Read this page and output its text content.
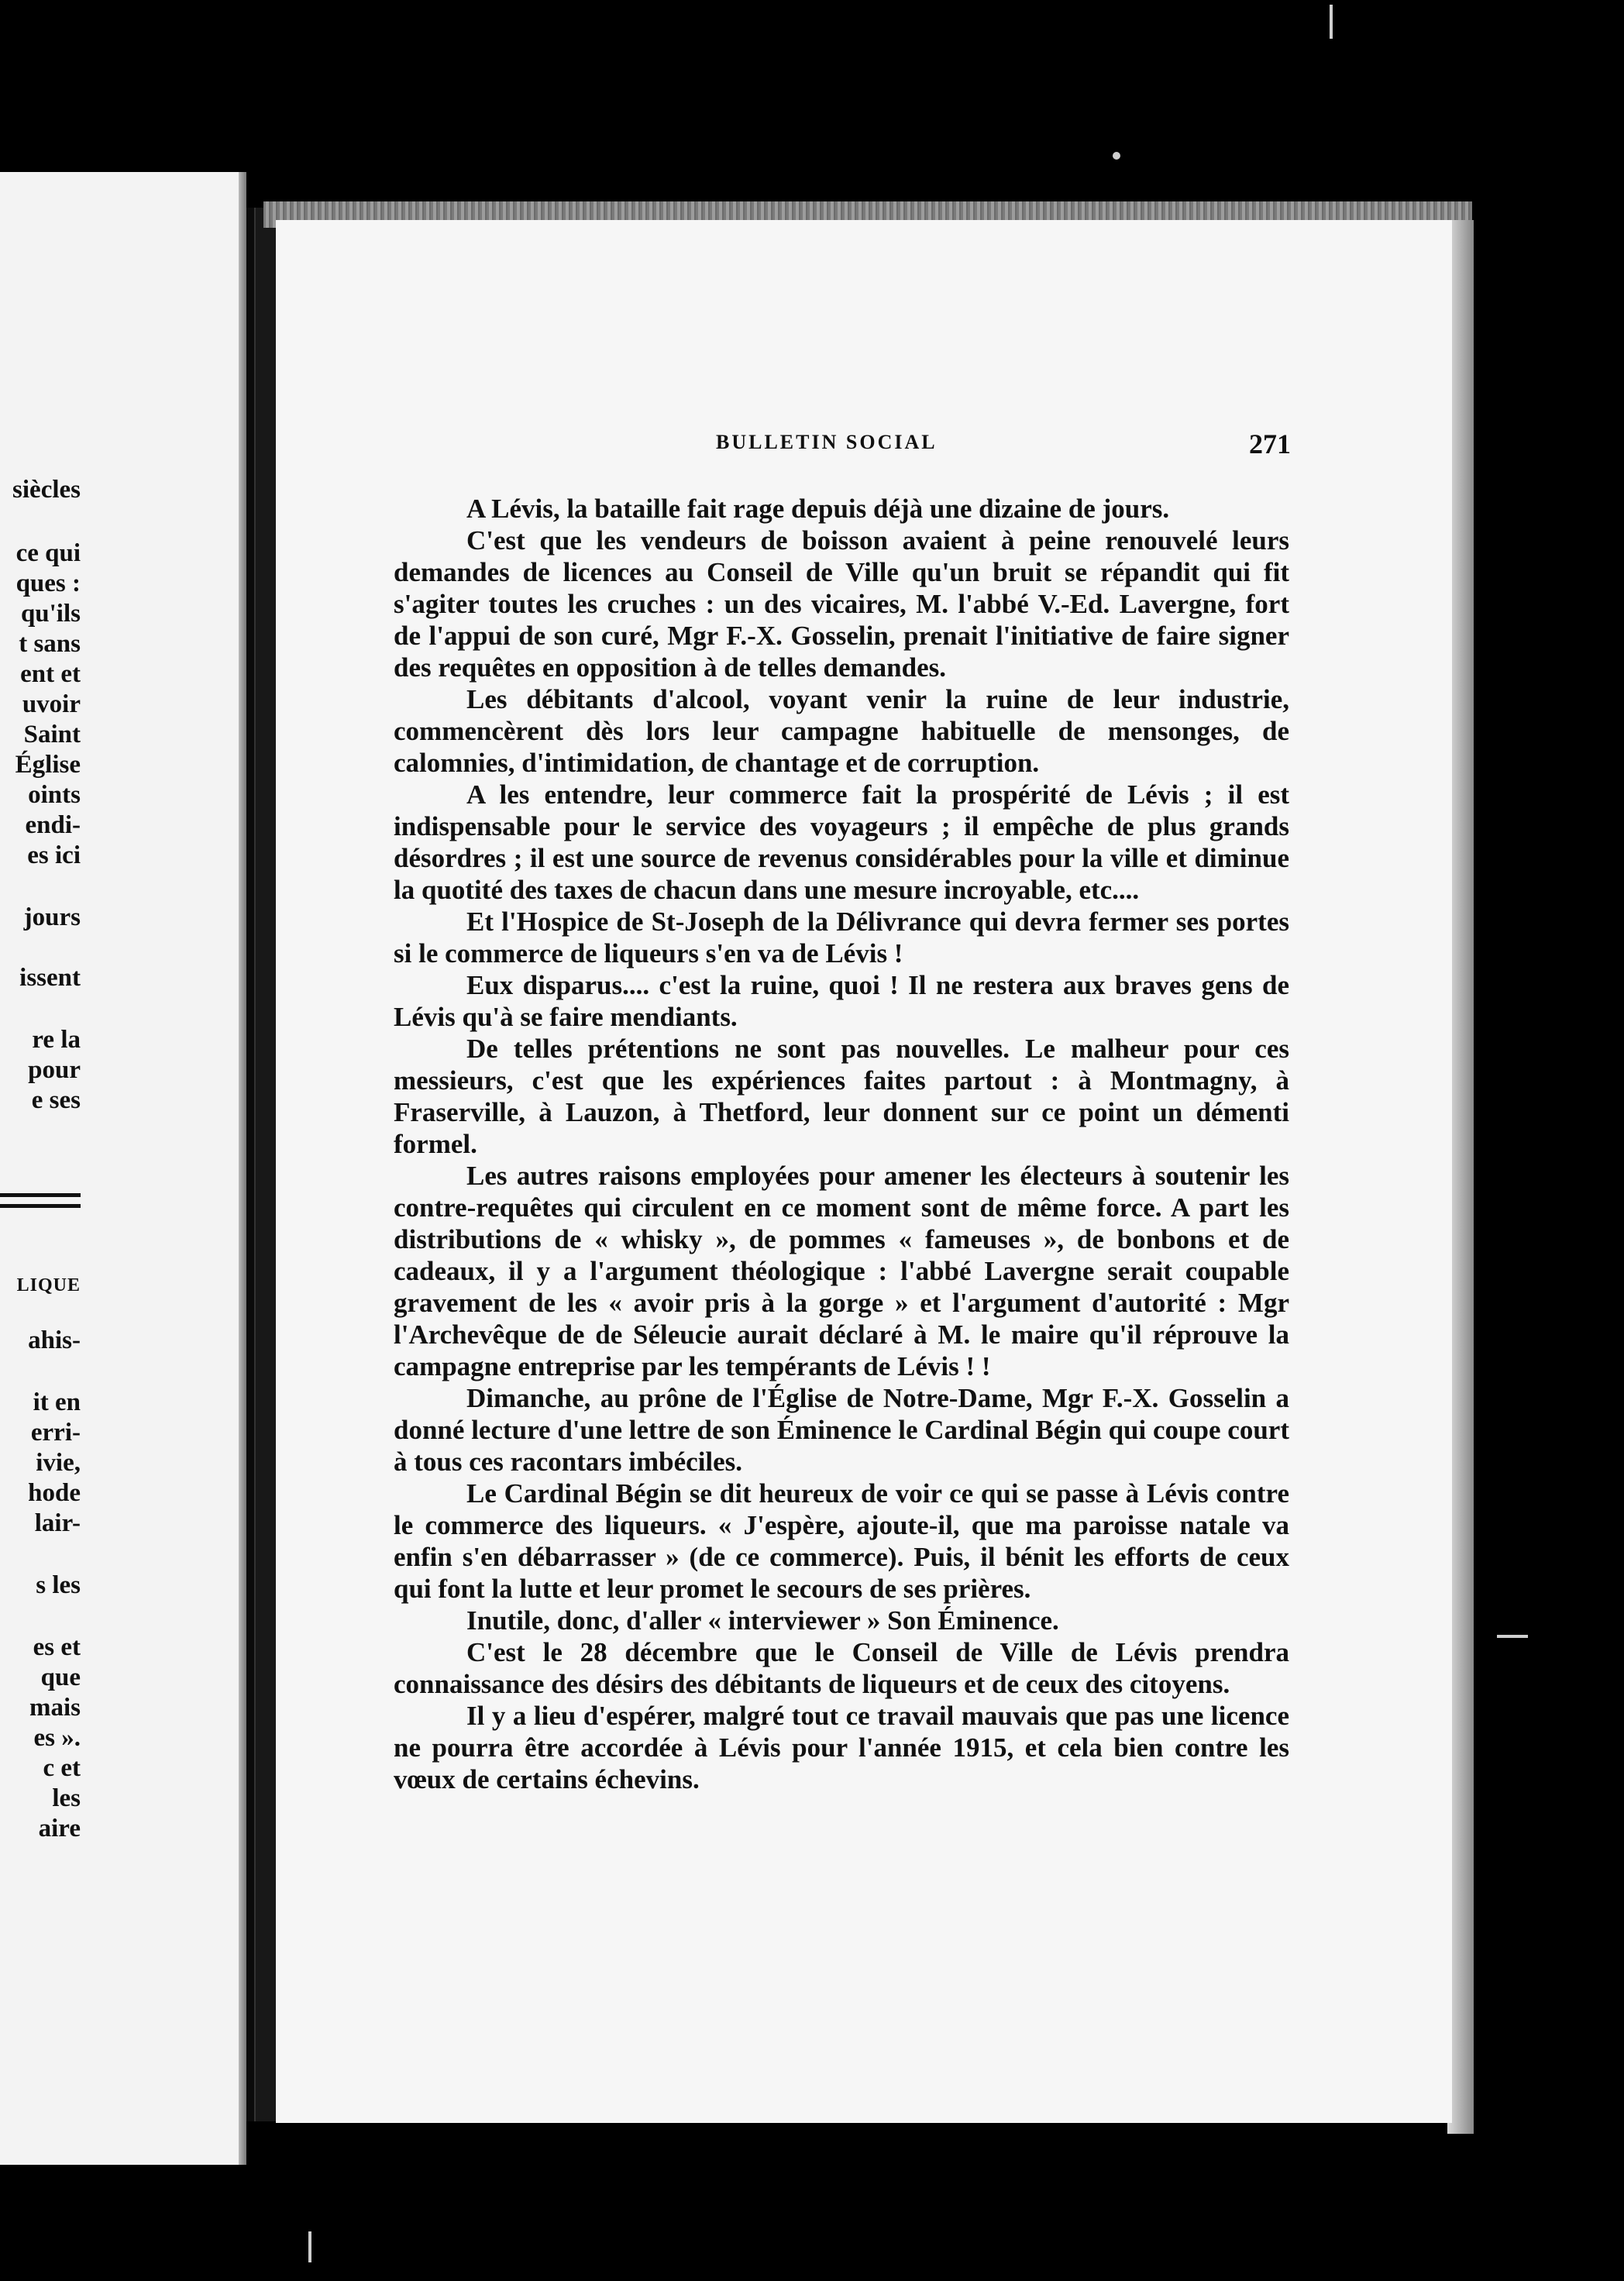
siècles
ce qui
ques :
qu'ils
t sans
ent et
uvoir
Saint
Église
oints
endi-
es ici
jours
issent
re la
pour
e ses
LIQUE
ahis-
it en
erri-
ivie,
hode
lair-
s les
es et
que
mais
es ».
c et
les
aire
BULLETIN SOCIAL	271

A Lévis, la bataille fait rage depuis déjà une dizaine de jours.

C'est que les vendeurs de boisson avaient à peine renouvelé leurs demandes de licences au Conseil de Ville qu'un bruit se répandit qui fit s'agiter toutes les cruches : un des vicaires, M. l'abbé V.-Ed. Lavergne, fort de l'appui de son curé, Mgr F.-X. Gosselin, prenait l'initiative de faire signer des requêtes en opposition à de telles demandes.

Les débitants d'alcool, voyant venir la ruine de leur industrie, commencèrent dès lors leur campagne habituelle de mensonges, de calomnies, d'intimidation, de chantage et de corruption.

A les entendre, leur commerce fait la prospérité de Lévis ; il est indispensable pour le service des voyageurs ; il empêche de plus grands désordres ; il est une source de revenus considérables pour la ville et diminue la quotité des taxes de chacun dans une mesure incroyable, etc....

Et l'Hospice de St-Joseph de la Délivrance qui devra fermer ses portes si le commerce de liqueurs s'en va de Lévis !

Eux disparus.... c'est la ruine, quoi ! Il ne restera aux braves gens de Lévis qu'à se faire mendiants.

De telles prétentions ne sont pas nouvelles. Le malheur pour ces messieurs, c'est que les expériences faites partout : à Montmagny, à Fraserville, à Lauzon, à Thetford, leur donnent sur ce point un démenti formel.

Les autres raisons employées pour amener les électeurs à soutenir les contre-requêtes qui circulent en ce moment sont de même force. A part les distributions de « whisky », de pommes « fameuses », de bonbons et de cadeaux, il y a l'argument théologique : l'abbé Lavergne serait coupable gravement de les « avoir pris à la gorge » et l'argument d'autorité : Mgr l'Archevêque de de Séleucie aurait déclaré à M. le maire qu'il réprouve la campagne entreprise par les tempérants de Lévis ! !

Dimanche, au prône de l'Église de Notre-Dame, Mgr F.-X. Gosselin a donné lecture d'une lettre de son Éminence le Cardinal Bégin qui coupe court à tous ces racontars imbéciles.

Le Cardinal Bégin se dit heureux de voir ce qui se passe à Lévis contre le commerce des liqueurs. « J'espère, ajoute-il, que ma paroisse natale va enfin s'en débarrasser » (de ce commerce). Puis, il bénit les efforts de ceux qui font la lutte et leur promet le secours de ses prières.

Inutile, donc, d'aller « interviewer » Son Éminence.

C'est le 28 décembre que le Conseil de Ville de Lévis prendra connaissance des désirs des débitants de liqueurs et de ceux des citoyens.

Il y a lieu d'espérer, malgré tout ce travail mauvais que pas une licence ne pourra être accordée à Lévis pour l'année 1915, et cela bien contre les vœux de certains échevins.
